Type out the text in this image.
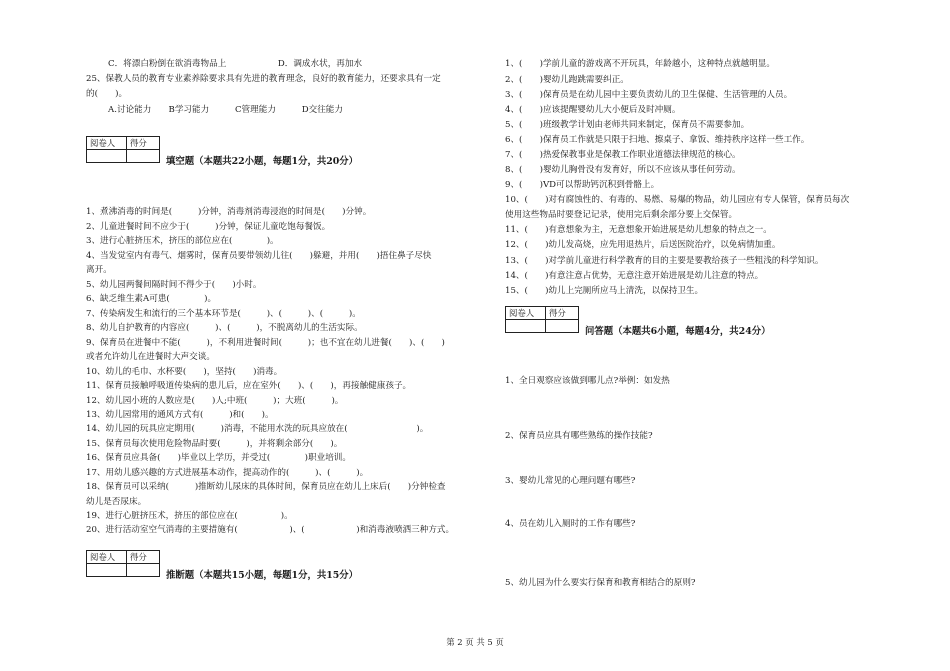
C．将漂白粉倒在欲消毒物品上　　　　　　D．调成水状，再加水
25、保教人员的教育专业素养除要求具有先进的教育理念，良好的教育能力，还要求具有一定
的(　　)。
A.讨论能力　　B学习能力　　　C管理能力　　　D交往能力
阅卷人	得分

填空题（本题共22小题，每题1分，共20分）
1、煮沸消毒的时间是(　　　)分钟，消毒剂消毒浸泡的时间是(　　)分钟。
2、儿童进餐时间不应少于(　　　)分钟，保证儿童吃饱每餐饭。
3、进行心脏挤压术，挤压的部位应在(　　　　)。
4、当发觉室内有毒气、烟雾时，保育员要带领幼儿往(　　)躲避，并用(　　)捂住鼻子尽快
离开。
5、幼儿园两餐间隔时间不得少于(　　)小时。
6、缺乏维生素A可患(　　　　)。
7、传染病发生和流行的三个基本环节是(　　　)、(　　　)、(　　　)。
8、幼儿自护教育的内容应(　　　)、(　　　)，不脱离幼儿的生活实际。
9、保育员在进餐中不能(　　　)，不利用进餐时间(　　　)；也不宜在幼儿进餐(　　)、(　　)
或者允许幼儿在进餐时大声交谈。
10、幼儿的毛巾、水杯要(　　)，坚持(　　)消毒。
11、保育员接触呼吸道传染病的患儿后，应在室外(　　)、(　　)，再接触健康孩子。
12、幼儿园小班的人数应是(　　)人;中班(　　　)；大班(　　　)。
13、幼儿园常用的通风方式有(　　　)和(　　)。
14、幼儿园的玩具应定期用(　　　)消毒，不能用水洗的玩具应放在(　　　　　　　　)。
15、保育员每次使用危险物品时要(　　　)，并将剩余部分(　　)。
16、保育员应具备(　　)毕业以上学历，并受过(　　　　)职业培训。
17、用幼儿感兴趣的方式进展基本动作，提高动作的(　　　)、(　　　)。
18、保育员可以采纳(　　　)推断幼儿尿床的具体时间，保育员应在幼儿上床后(　　)分钟检查
幼儿是否尿床。
19、进行心脏挤压术，挤压的部位应在(　　　　　)。
20、进行活动室空气消毒的主要措施有(　　　　　　)、(　　　　　　)和消毒液喷洒三种方式。
阅卷人	得分

推断题（本题共15小题，每题1分，共15分）
1、(　　)学前儿童的游戏离不开玩具，年龄越小，这种特点就越明显。
2、(　　)婴幼儿跑跳需要纠正。
3、(　　)保育员是在幼儿园中主要负责幼儿的卫生保健、生活管理的人员。
4、(　　)应该提醒婴幼儿大小便后及时冲厕。
5、(　　)班级教学计划由老师共同来制定，保育员不需要参加。
6、(　　)保育员工作就是只限于扫地、擦桌子、拿饭、维持秩序这样一些工作。
7、(　　)热爱保教事业是保教工作职业道德法律规范的核心。
8、(　　)婴幼儿胸骨没有发育好，所以不应该从事任何劳动。
9、(　　)VD可以帮助钙沉积到骨骼上。
10、(　　)对有腐蚀性的、有毒的、易燃、易爆的物品，幼儿园应有专人保管，保育员每次
使用这些物品时要登记记录，使用完后剩余部分要上交保管。
11、(　　)有意想象为主，无意想象开始进展是幼儿想象的特点之一。
12、(　　)幼儿发高烧，应先用退热片，后送医院治疗，以免病情加重。
13、(　　)对学前儿童进行科学教育的目的主要是要教给孩子一些粗浅的科学知识。
14、(　　)有意注意占优势，无意注意开始进展是幼儿注意的特点。
15、(　　)幼儿上完厕所应马上清洗，以保持卫生。
阅卷人	得分

问答题（本题共6小题，每题4分，共24分）
1、全日观察应该做到哪儿点?举例：如发热
2、保育员应具有哪些熟练的操作技能?
3、婴幼儿常见的心理问题有哪些?
4、员在幼儿入厕时的工作有哪些?
5、幼儿园为什么要实行保育和教育相结合的原则?
第 2 页 共 5 页
